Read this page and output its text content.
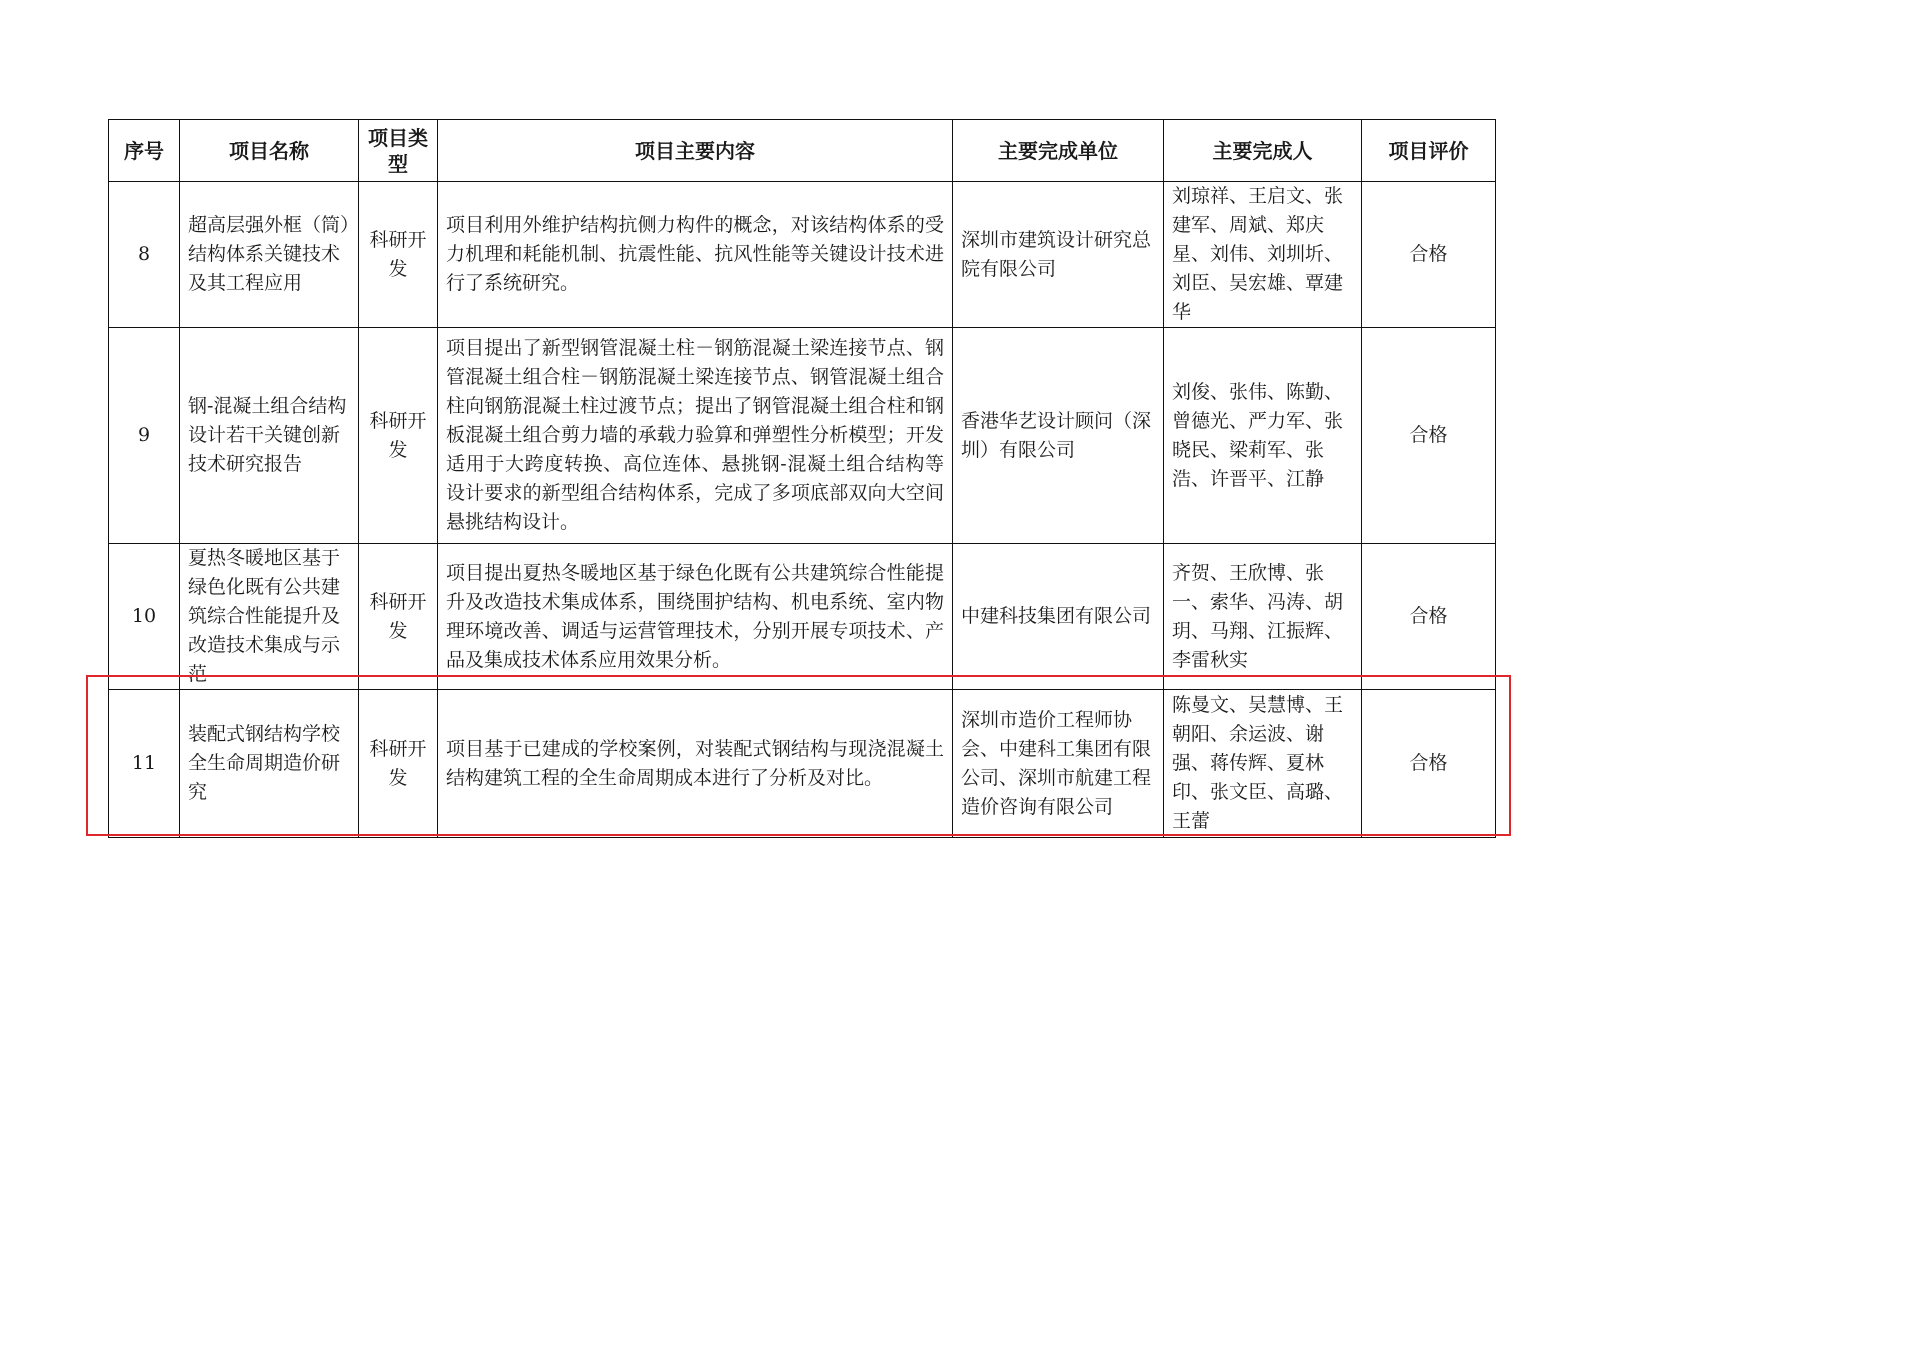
序号	项目名称	项目类型	项目主要内容	主要完成单位	主要完成人	项目评价
8	超高层强外框（筒）结构体系关键技术及其工程应用	科研开发	项目利用外维护结构抗侧力构件的概念，对该结构体系的受力机理和耗能机制、抗震性能、抗风性能等关键设计技术进行了系统研究。	深圳市建筑设计研究总院有限公司	刘琼祥、王启文、张建军、周斌、郑庆星、刘伟、刘圳圻、刘臣、吴宏雄、覃建华	合格
9	钢-混凝土组合结构设计若干关键创新技术研究报告	科研开发	项目提出了新型钢管混凝土柱－钢筋混凝土梁连接节点、钢管混凝土组合柱－钢筋混凝土梁连接节点、钢管混凝土组合柱向钢筋混凝土柱过渡节点；提出了钢管混凝土组合柱和钢板混凝土组合剪力墙的承载力验算和弹塑性分析模型；开发适用于大跨度转换、高位连体、悬挑钢-混凝土组合结构等设计要求的新型组合结构体系，完成了多项底部双向大空间悬挑结构设计。	香港华艺设计顾问（深圳）有限公司	刘俊、张伟、陈勤、曾德光、严力军、张晓民、梁莉军、张浩、许晋平、江静	合格
10	夏热冬暖地区基于绿色化既有公共建筑综合性能提升及改造技术集成与示范	科研开发	项目提出夏热冬暖地区基于绿色化既有公共建筑综合性能提升及改造技术集成体系，围绕围护结构、机电系统、室内物理环境改善、调适与运营管理技术，分别开展专项技术、产品及集成技术体系应用效果分析。	中建科技集团有限公司	齐贺、王欣博、张一、索华、冯涛、胡玥、马翔、江振辉、李雷秋实	合格
11	装配式钢结构学校全生命周期造价研究	科研开发	项目基于已建成的学校案例，对装配式钢结构与现浇混凝土结构建筑工程的全生命周期成本进行了分析及对比。	深圳市造价工程师协会、中建科工集团有限公司、深圳市航建工程造价咨询有限公司	陈曼文、吴慧博、王朝阳、余运波、谢强、蒋传辉、夏林印、张文臣、高璐、王蕾	合格
